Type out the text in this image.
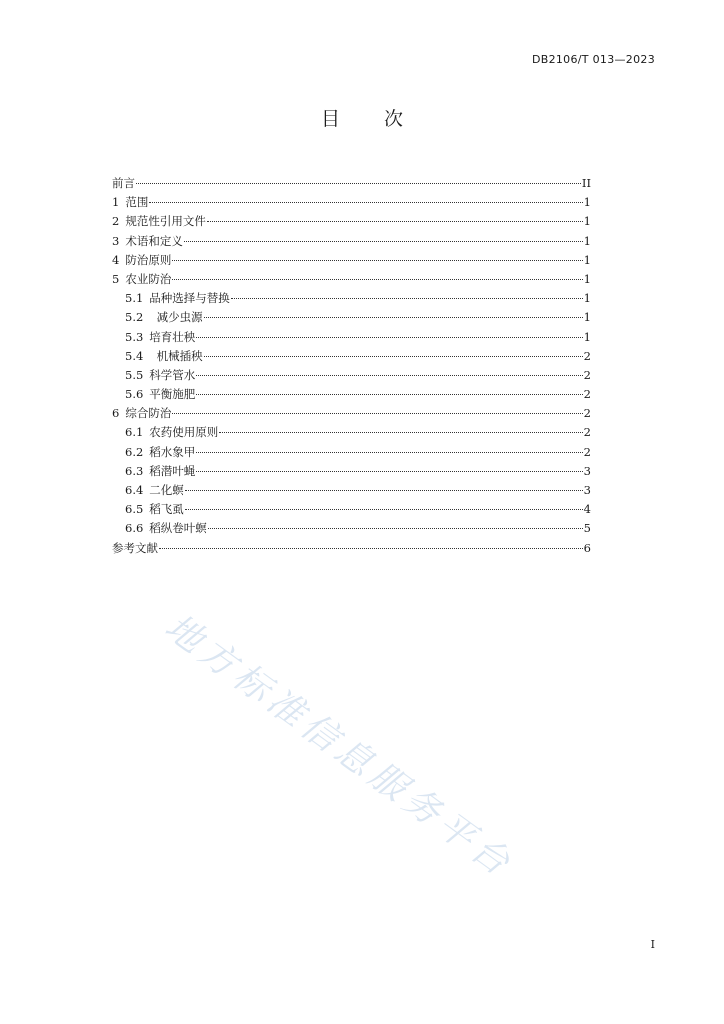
DB2106/T 013—2023
目 次
前言	II
1 范围	1
2 规范性引用文件	1
3 术语和定义	1
4 防治原则	1
5 农业防治	1
5.1 品种选择与替换	1
5.2  减少虫源	1
5.3 培育壮秧	1
5.4  机械插秧	2
5.5 科学管水	2
5.6 平衡施肥	2
6 综合防治	2
6.1 农药使用原则	2
6.2 稻水象甲	2
6.3 稻潜叶蝇	3
6.4 二化螟	3
6.5 稻飞虱	4
6.6 稻纵卷叶螟	5
参考文献	6
地方标准信息服务平台
I
